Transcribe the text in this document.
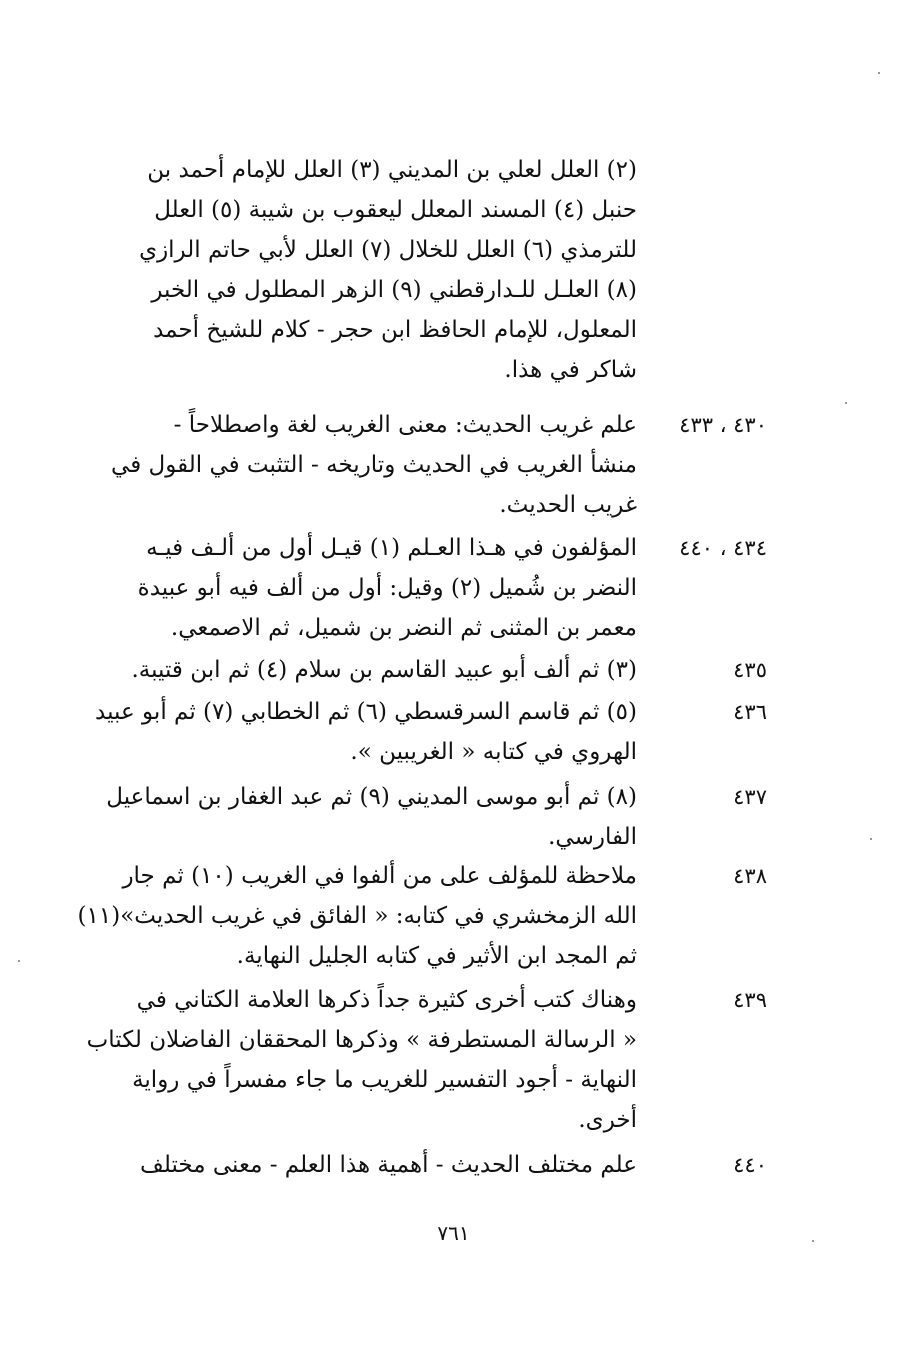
(٢) العلل لعلي بن المديني (٣) العلل للإمام أحمد بن
حنبل (٤) المسند المعلل ليعقوب بن شيبة (٥) العلل
للترمذي (٦) العلل للخلال (٧) العلل لأبي حاتم الرازي
(٨) العلـل للـدارقطني (٩) الزهر المطلول في الخبر
المعلول، للإمام الحافظ ابن حجر - كلام للشيخ أحمد
شاكر في هذا.
٤٣٠ ، ٤٣٣
علم غريب الحديث: معنى الغريب لغة واصطلاحاً -
منشأ الغريب في الحديث وتاريخه - التثبت في القول في
غريب الحديث.
٤٣٤ ، ٤٤٠
المؤلفون في هـذا العـلم (١) قيـل أول من ألـف فيـه
النضر بن شُميل (٢) وقيل: أول من ألف فيه أبو عبيدة
معمر بن المثنى ثم النضر بن شميل، ثم الاصمعي.
٤٣٥
(٣) ثم ألف أبو عبيد القاسم بن سلام (٤) ثم ابن قتيبة.
٤٣٦
(٥) ثم قاسم السرقسطي (٦) ثم الخطابي (٧) ثم أبو عبيد
الهروي في كتابه « الغريبين ».
٤٣٧
(٨) ثم أبو موسى المديني (٩) ثم عبد الغفار بن اسماعيل
الفارسي.
٤٣٨
ملاحظة للمؤلف على من ألفوا في الغريب (١٠) ثم جار
الله الزمخشري في كتابه: « الفائق في غريب الحديث»(١١)
ثم المجد ابن الأثير في كتابه الجليل النهاية.
٤٣٩
وهناك كتب أخرى كثيرة جداً ذكرها العلامة الكتاني في
« الرسالة المستطرفة » وذكرها المحققان الفاضلان لكتاب
النهاية - أجود التفسير للغريب ما جاء مفسراً في رواية
أخرى.
٤٤٠
علم مختلف الحديث - أهمية هذا العلم - معنى مختلف
٧٦١
